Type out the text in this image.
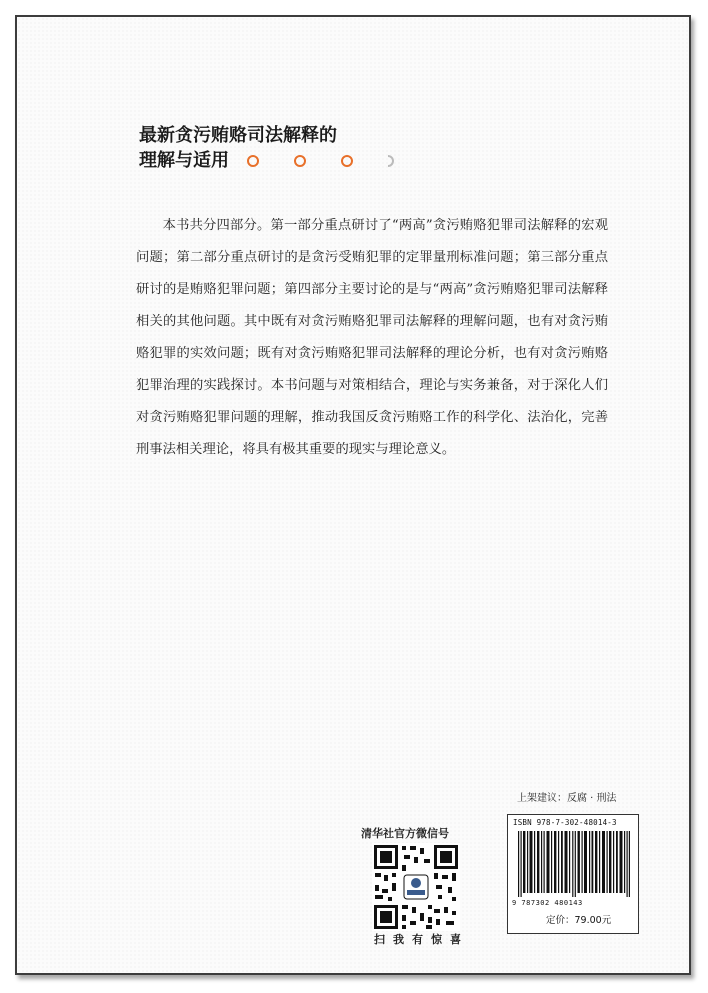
最新贪污贿赂司法解释的
理解与适用

本书共分四部分。第一部分重点研讨了“两高”贪污贿赂犯罪司法解释的宏观问题；第二部分重点研讨的是贪污受贿犯罪的定罪量刑标准问题；第三部分重点研讨的是贿赂犯罪问题；第四部分主要讨论的是与“两高”贪污贿赂犯罪司法解释相关的其他问题。其中既有对贪污贿赂犯罪司法解释的理解问题，也有对贪污贿赂犯罪的实效问题；既有对贪污贿赂犯罪司法解释的理论分析，也有对贪污贿赂犯罪治理的实践探讨。本书问题与对策相结合，理论与实务兼备，对于深化人们对贪污贿赂犯罪问题的理解，推动我国反贪污贿赂工作的科学化、法治化，完善刑事法相关理论，将具有极其重要的现实与理论意义。

清华社官方微信号
扫我有惊喜
上架建议：反腐 · 刑法
ISBN 978-7-302-48014-3
9 787302 480143
定价：79.00元
